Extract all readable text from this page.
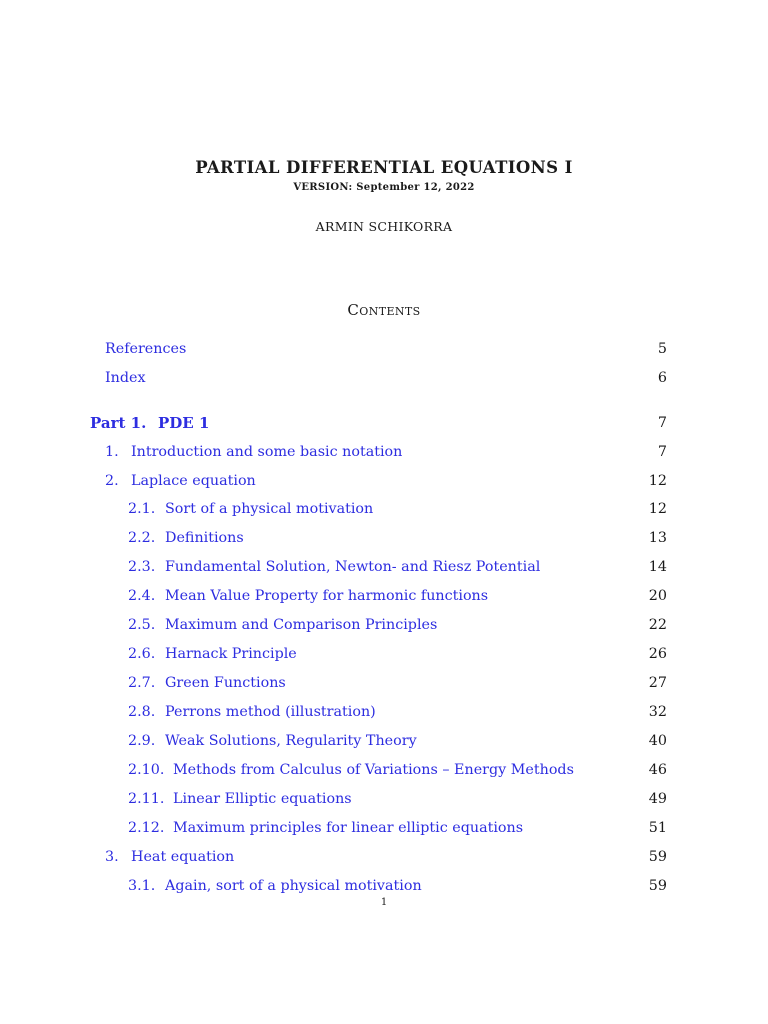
PARTIAL DIFFERENTIAL EQUATIONS I
VERSION: September 12, 2022
ARMIN SCHIKORRA
Contents
References	5
Index	6
Part 1. PDE 1	7
1. Introduction and some basic notation	7
2. Laplace equation	12
2.1. Sort of a physical motivation	12
2.2. Definitions	13
2.3. Fundamental Solution, Newton- and Riesz Potential	14
2.4. Mean Value Property for harmonic functions	20
2.5. Maximum and Comparison Principles	22
2.6. Harnack Principle	26
2.7. Green Functions	27
2.8. Perrons method (illustration)	32
2.9. Weak Solutions, Regularity Theory	40
2.10. Methods from Calculus of Variations – Energy Methods	46
2.11. Linear Elliptic equations	49
2.12. Maximum principles for linear elliptic equations	51
3. Heat equation	59
3.1. Again, sort of a physical motivation	59
1
